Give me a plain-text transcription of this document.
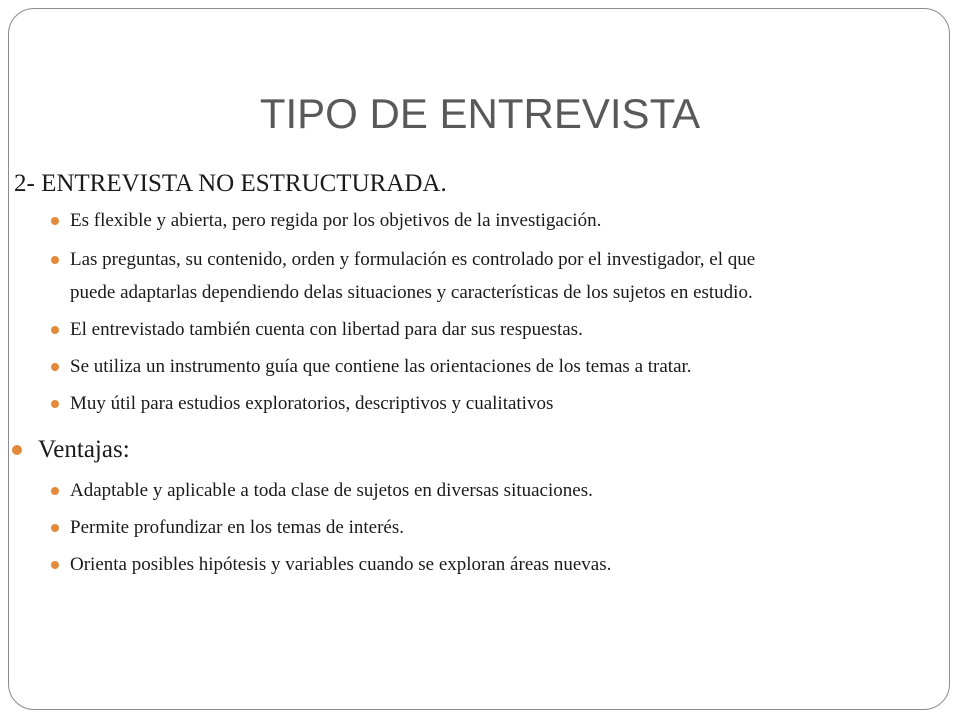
TIPO DE ENTREVISTA
2- ENTREVISTA NO ESTRUCTURADA.
Es flexible y abierta, pero regida por los objetivos de la investigación.
Las preguntas, su contenido, orden y formulación es controlado por el investigador, el que
puede adaptarlas dependiendo delas situaciones y características de los sujetos en estudio.
El entrevistado también cuenta con libertad para dar sus respuestas.
Se utiliza un instrumento guía que contiene las orientaciones de los temas a tratar.
Muy útil para estudios exploratorios, descriptivos y cualitativos
Ventajas:
Adaptable y aplicable a toda clase de sujetos en diversas situaciones.
Permite profundizar en los temas de interés.
Orienta posibles hipótesis y variables cuando se exploran áreas nuevas.
